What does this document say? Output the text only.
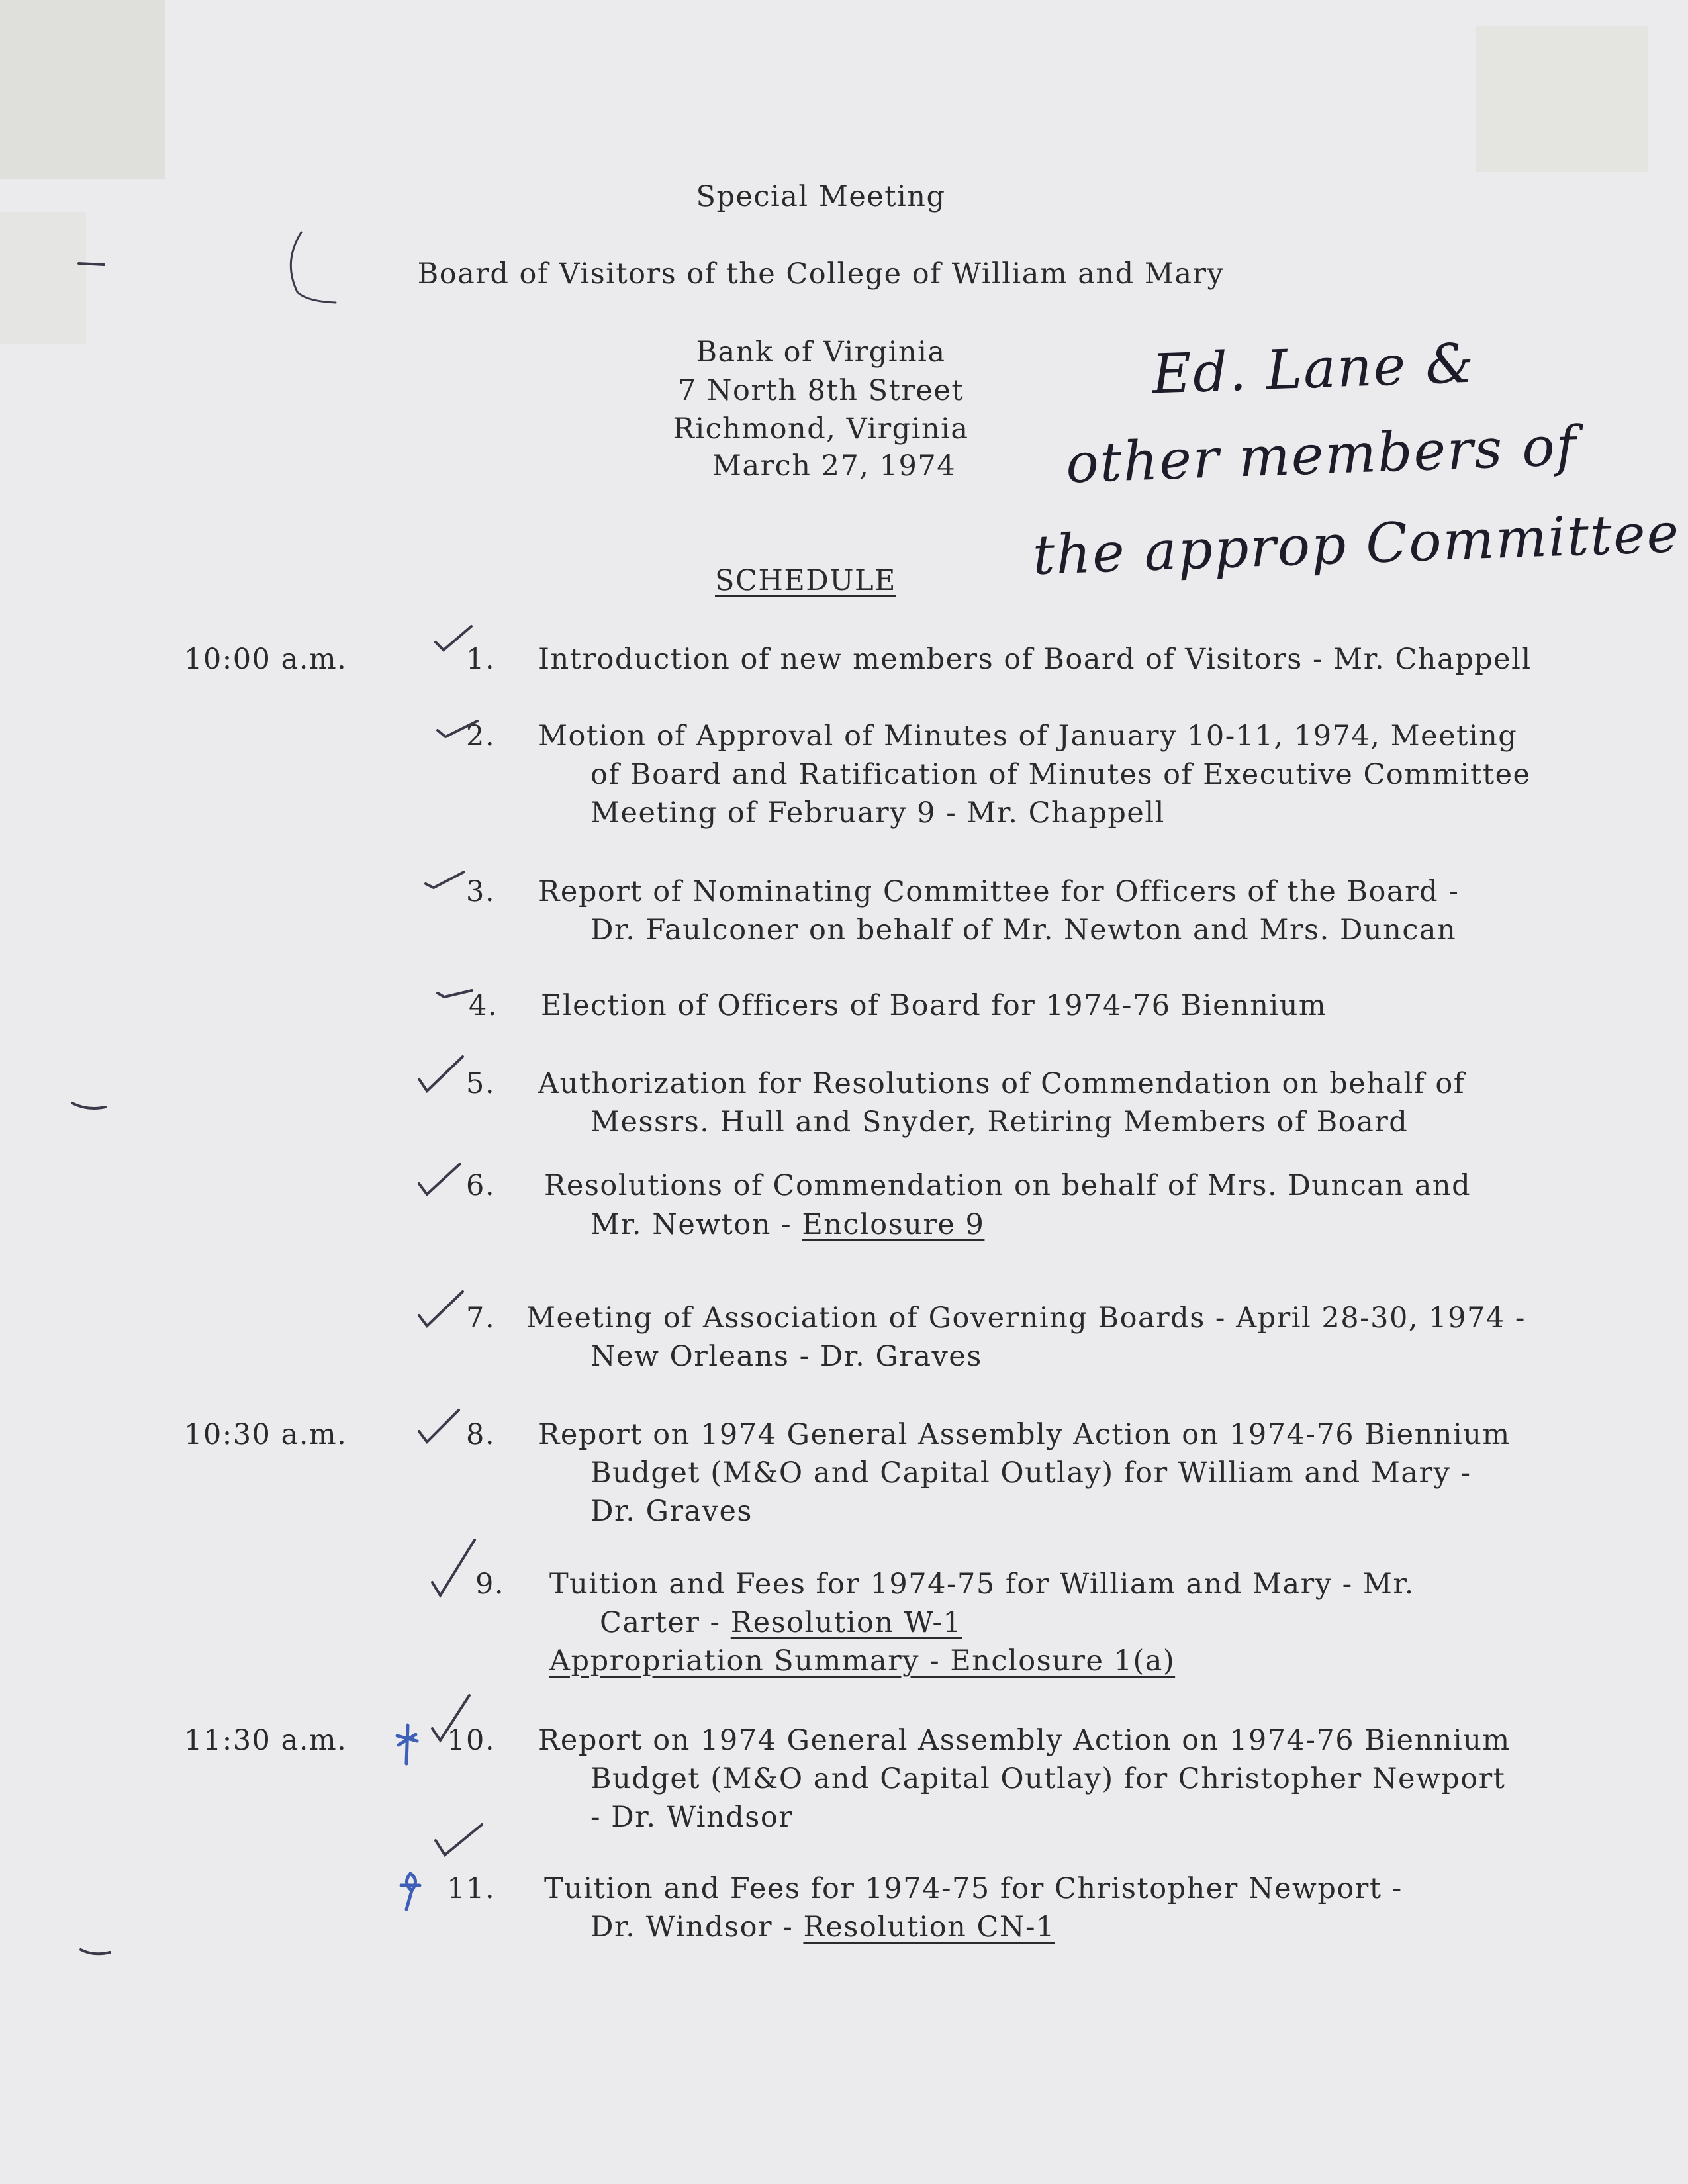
Special Meeting
Board of Visitors of the College of William and Mary
Bank of Virginia
7 North 8th Street
Richmond, Virginia
March 27, 1974
Ed. Lane &
other members of
the approp Committee
SCHEDULE
10:00 a.m.
10:30 a.m.
11:30 a.m.
1. Introduction of new members of Board of Visitors - Mr. Chappell
2. Motion of Approval of Minutes of January 10-11, 1974, Meeting
of Board and Ratification of Minutes of Executive Committee
Meeting of February 9 - Mr. Chappell
3. Report of Nominating Committee for Officers of the Board -
Dr. Faulconer on behalf of Mr. Newton and Mrs. Duncan
4. Election of Officers of Board for 1974-76 Biennium
5. Authorization for Resolutions of Commendation on behalf of
Messrs. Hull and Snyder, Retiring Members of Board
6. Resolutions of Commendation on behalf of Mrs. Duncan and
Mr. Newton - Enclosure 9
7. Meeting of Association of Governing Boards - April 28-30, 1974 -
New Orleans - Dr. Graves
8. Report on 1974 General Assembly Action on 1974-76 Biennium
Budget (M&O and Capital Outlay) for William and Mary -
Dr. Graves
9. Tuition and Fees for 1974-75 for William and Mary - Mr.
Carter - Resolution W-1
Appropriation Summary - Enclosure 1(a)
10. Report on 1974 General Assembly Action on 1974-76 Biennium
Budget (M&O and Capital Outlay) for Christopher Newport
- Dr. Windsor
11. Tuition and Fees for 1974-75 for Christopher Newport -
Dr. Windsor - Resolution CN-1
